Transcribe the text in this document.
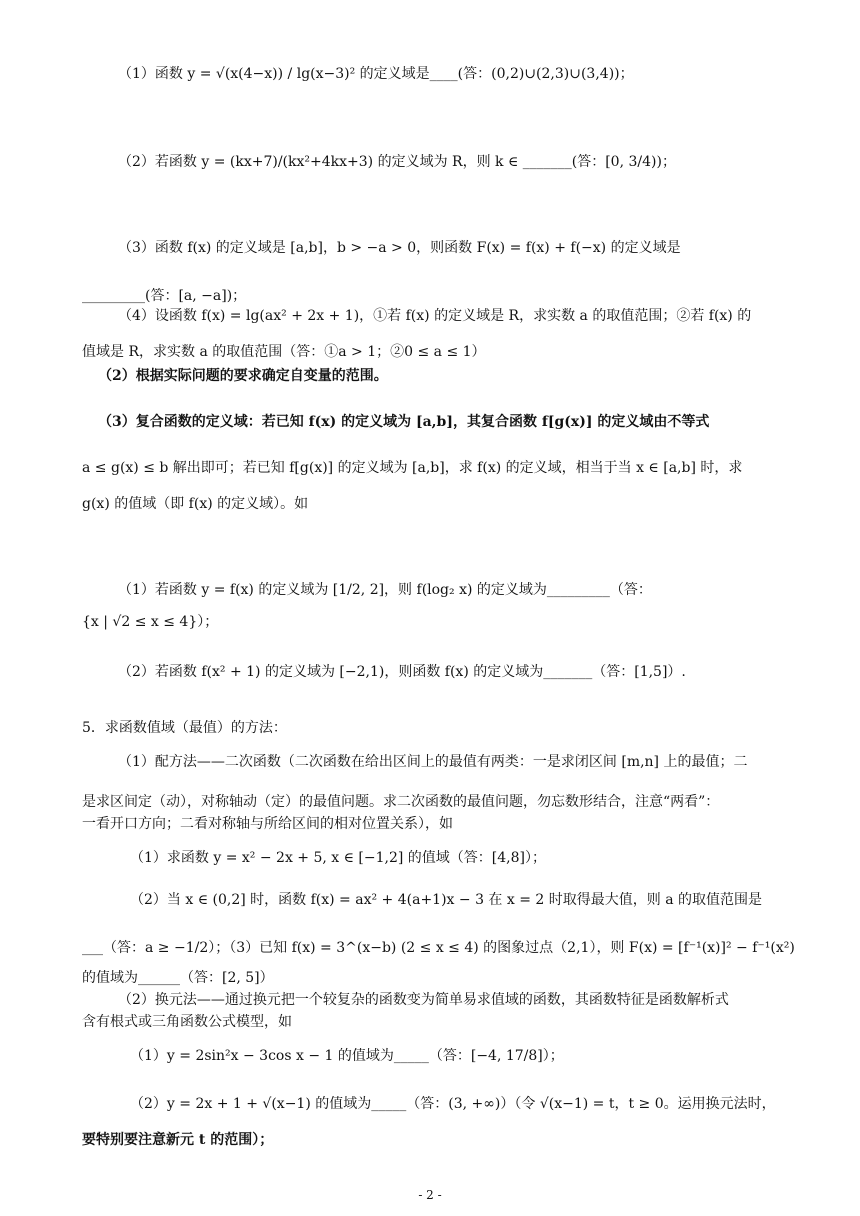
（1）函数 y = √(x(4−x)) / lg(x−3)² 的定义域是____(答：(0,2)∪(2,3)∪(3,4))；
（2）若函数 y = (kx+7)/(kx²+4kx+3) 的定义域为 R，则 k ∈ _______(答：[0, 3/4))；
（3）函数 f(x) 的定义域是 [a,b]，b > −a > 0，则函数 F(x) = f(x) + f(−x) 的定义域是
_________(答：[a, −a])；
（4）设函数 f(x) = lg(ax² + 2x + 1)，①若 f(x) 的定义域是 R，求实数 a 的取值范围；②若 f(x) 的
值域是 R，求实数 a 的取值范围（答：①a > 1；②0 ≤ a ≤ 1）
（2）根据实际问题的要求确定自变量的范围。
（3）复合函数的定义域：若已知 f(x) 的定义域为 [a,b]，其复合函数 f[g(x)] 的定义域由不等式
a ≤ g(x) ≤ b 解出即可；若已知 f[g(x)] 的定义域为 [a,b]，求 f(x) 的定义域，相当于当 x ∈ [a,b] 时，求
g(x) 的值域（即 f(x) 的定义域）。如
（1）若函数 y = f(x) 的定义域为 [1/2, 2]，则 f(log₂ x) 的定义域为_________（答：
{x | √2 ≤ x ≤ 4}）；
（2）若函数 f(x² + 1) 的定义域为 [−2,1)，则函数 f(x) 的定义域为_______（答：[1,5]）.
5．求函数值域（最值）的方法：
（1）配方法——二次函数（二次函数在给出区间上的最值有两类：一是求闭区间 [m,n] 上的最值；二
是求区间定（动），对称轴动（定）的最值问题。求二次函数的最值问题，勿忘数形结合，注意“两看”：
一看开口方向；二看对称轴与所给区间的相对位置关系），如
（1）求函数 y = x² − 2x + 5, x ∈ [−1,2] 的值域（答：[4,8]）；
（2）当 x ∈ (0,2] 时，函数 f(x) = ax² + 4(a+1)x − 3 在 x = 2 时取得最大值，则 a 的取值范围是
___（答：a ≥ −1/2）；（3）已知 f(x) = 3^(x−b) (2 ≤ x ≤ 4) 的图象过点（2,1），则 F(x) = [f⁻¹(x)]² − f⁻¹(x²)
的值域为______（答：[2, 5]）
（2）换元法——通过换元把一个较复杂的函数变为简单易求值域的函数，其函数特征是函数解析式
含有根式或三角函数公式模型，如
（1）y = 2sin²x − 3cos x − 1 的值域为_____（答：[−4, 17/8]）；
（2）y = 2x + 1 + √(x−1) 的值域为_____（答：(3, +∞)）（令 √(x−1) = t，t ≥ 0。运用换元法时，
要特别要注意新元 t 的范围）；
- 2 -
